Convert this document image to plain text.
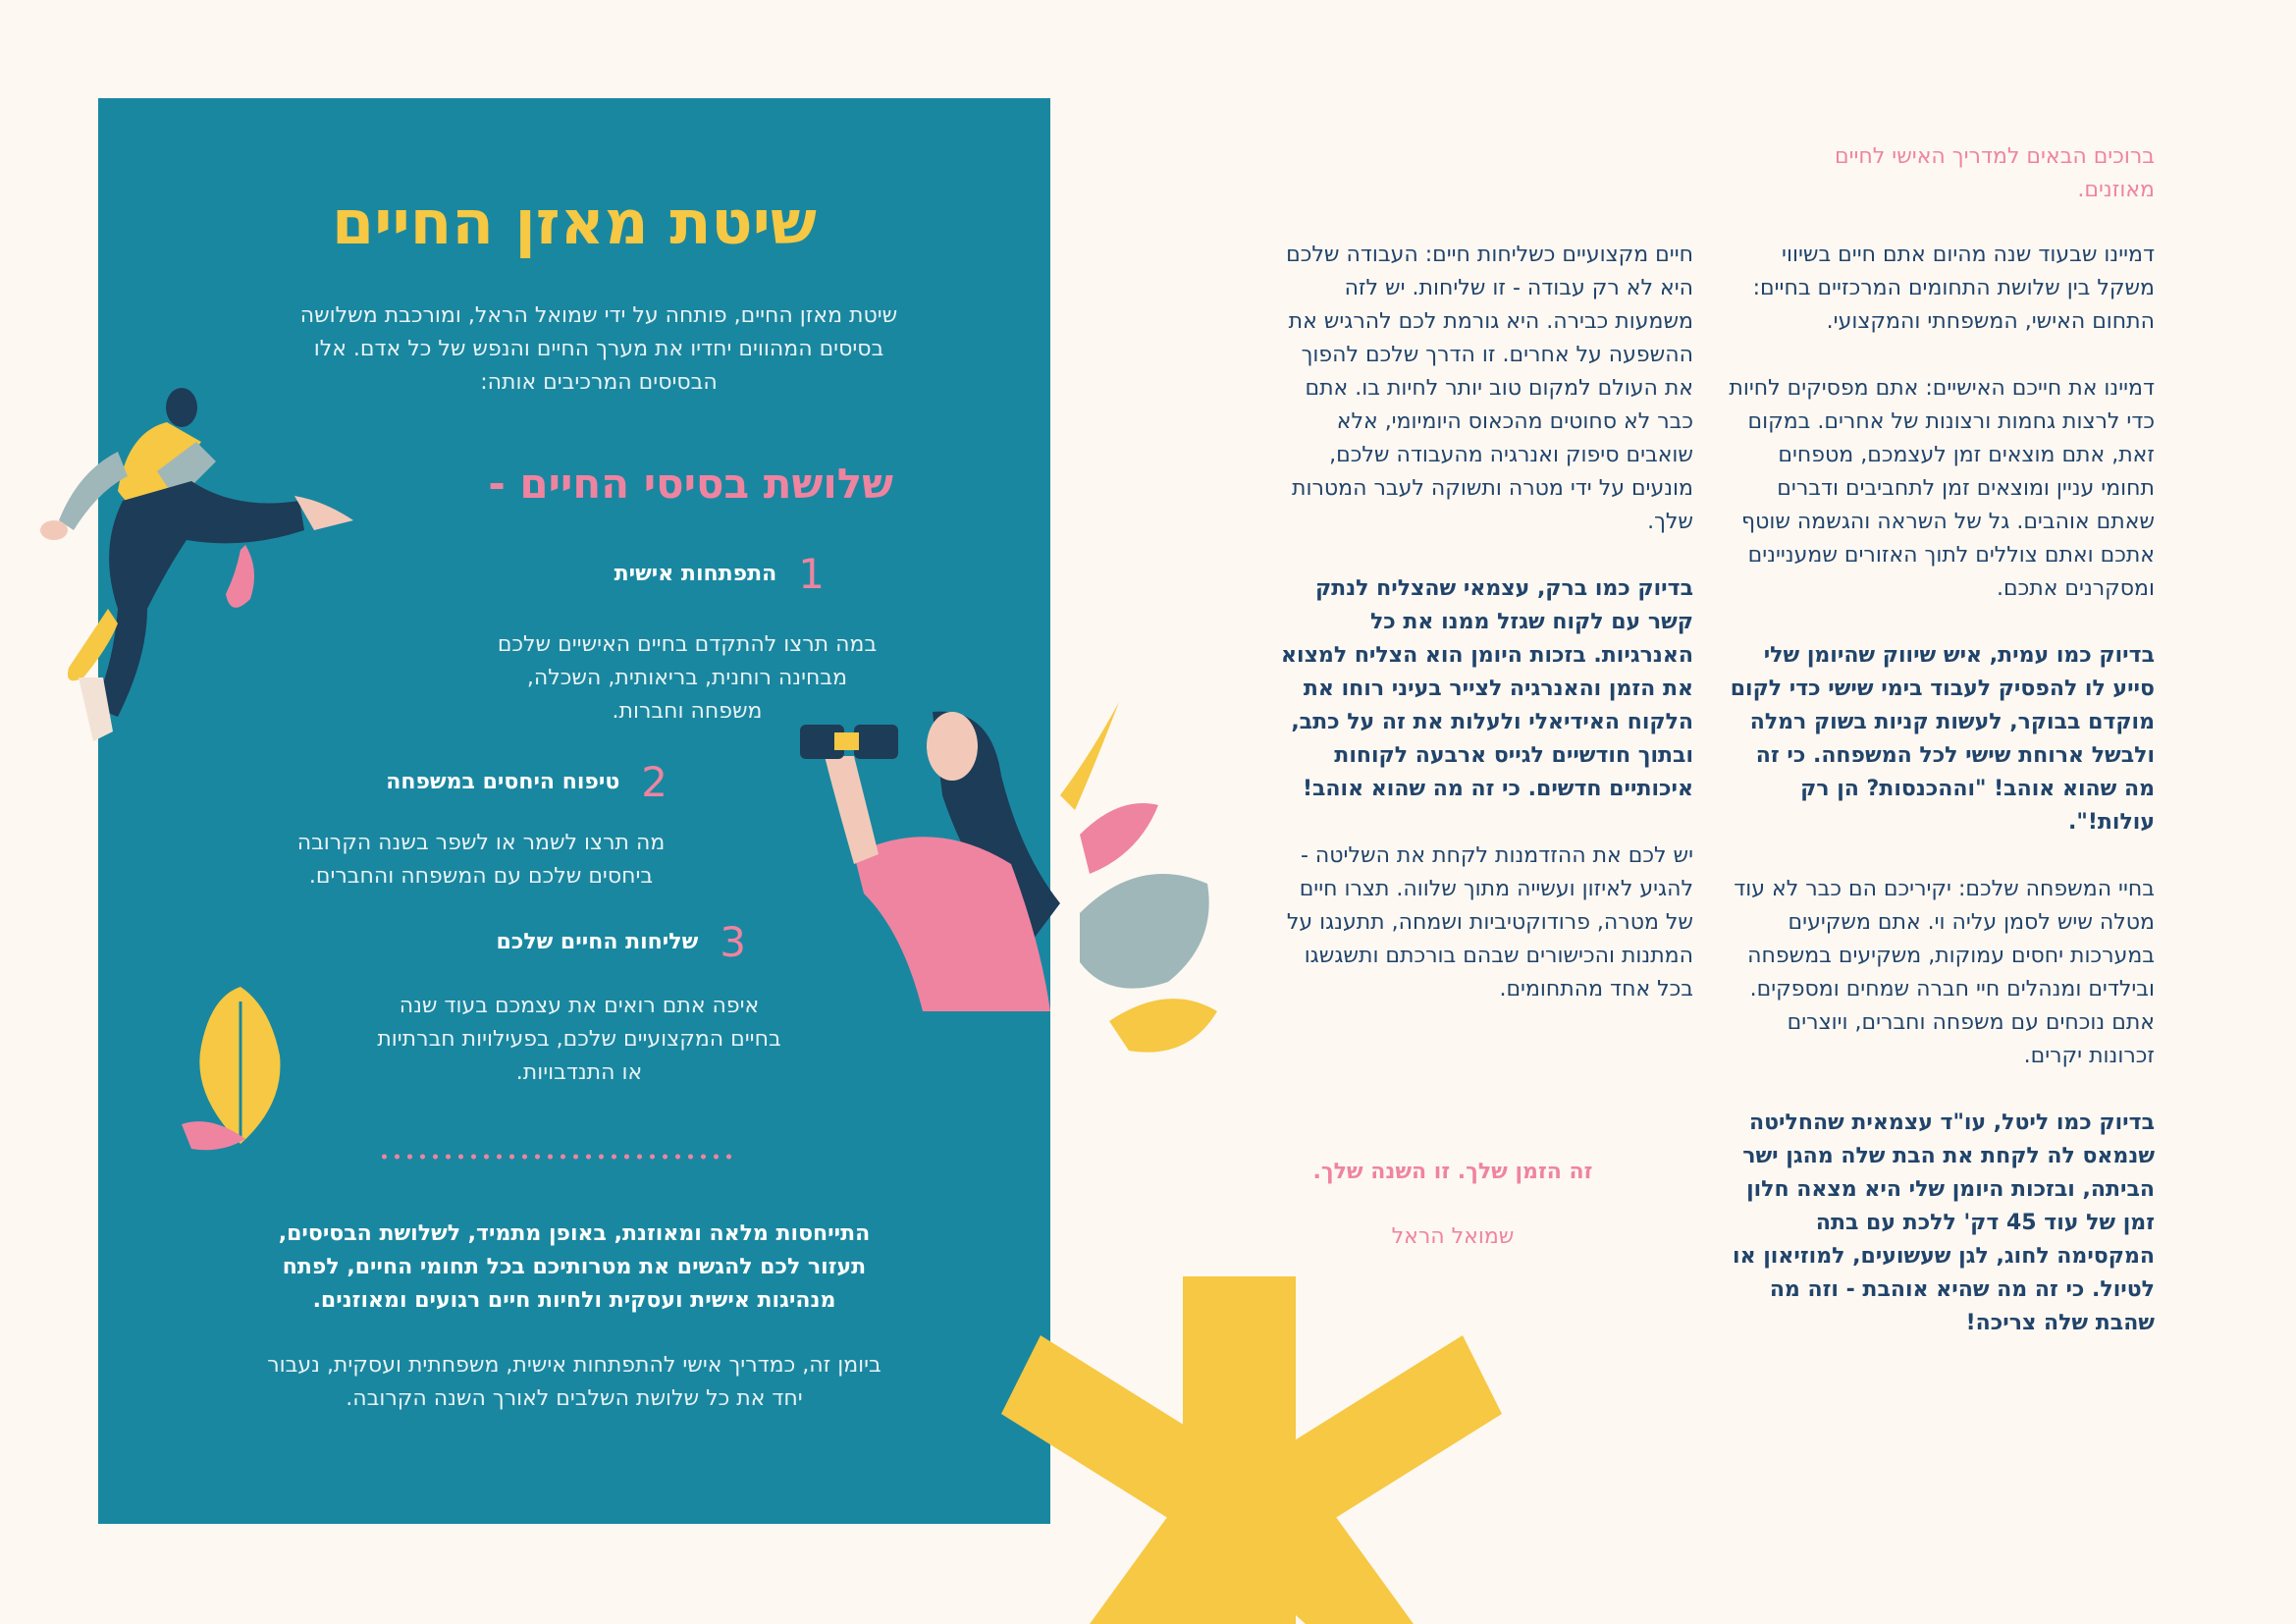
שיטת מאזן החיים

שיטת מאזן החיים, פותחה על ידי שמואל הראל, ומורכבת משלושה בסיסים המהווים יחדיו את מערך החיים והנפש של כל אדם. אלו הבסיסים המרכיבים אותה:

שלושת בסיסי החיים -
1
התפתחות אישית

במה תרצו להתקדם בחיים האישיים שלכם מבחינה רוחנית, בריאותית, השכלה, משפחה וחברות.

2
טיפוח היחסים במשפחה

מה תרצו לשמר או לשפר בשנה הקרובה ביחסים שלכם עם המשפחה והחברים.

3
שליחות החיים שלכם

איפה אתם רואים את עצמכם בעוד שנה בחיים המקצועיים שלכם, בפעילויות חברתיות או התנדבויות.

התייחסות מלאה ומאוזנת, באופן מתמיד, לשלושת הבסיסים, תעזור לכם להגשים את מטרותיכם בכל תחומי החיים, לפתח מנהיגות אישית ועסקית ולחיות חיים רגועים ומאוזנים.

ביומן זה, כמדריך אישי להתפתחות אישית, משפחתית ועסקית, נעבור יחד את כל שלושת השלבים לאורך השנה הקרובה.

ברוכים הבאים למדריך האישי לחיים מאוזנים.

דמיינו שבעוד שנה מהיום אתם חיים בשיווי משקל בין שלושת התחומים המרכזיים בחיים: התחום האישי, המשפחתי והמקצועי.

דמיינו את חייכם האישיים: אתם מפסיקים לחיות כדי לרצות גחמות ורצונות של אחרים. במקום זאת, אתם מוצאים זמן לעצמכם, מטפחים תחומי עניין ומוצאים זמן לתחביבים ודברים שאתם אוהבים. גל של השראה והגשמה שוטף אתכם ואתם צוללים לתוך האזורים שמעניינים ומסקרנים אתכם.

בדיוק כמו עמית, איש שיווק שהיומן שלי סייע לו להפסיק לעבוד בימי שישי כדי לקום מוקדם בבוקר, לעשות קניות בשוק רמלה ולבשל ארוחת שישי לכל המשפחה. כי זה מה שהוא אוהב! "וההכנסות? הן רק עולות!".

בחיי המשפחה שלכם: יקיריכם הם כבר לא עוד מטלה שיש לסמן עליה וי. אתם משקיעים במערכות יחסים עמוקות, משקיעים במשפחה ובילדים ומנהלים חיי חברה שמחים ומספקים. אתם נוכחים עם משפחה וחברים, ויוצרים זכרונות יקרים.

בדיוק כמו ליטל, עו"ד עצמאית שהחליטה שנמאס לה לקחת את הבת שלה מהגן ישר הביתה, ובזכות היומן שלי היא מצאה חלון זמן של עוד 45 דק' ללכת עם בתה המקסימה לחוג, לגן שעשועים, למוזיאון או לטיול. כי זה מה שהיא אוהבת - וזה מה שהבת שלה צריכה!

חיים מקצועיים כשליחות חיים: העבודה שלכם היא לא רק עבודה - זו שליחות. יש לזה משמעות כבירה. היא גורמת לכם להרגיש את ההשפעה על אחרים. זו הדרך שלכם להפוך את העולם למקום טוב יותר לחיות בו. אתם כבר לא סחוטים מהכאוס היומיומי, אלא שואבים סיפוק ואנרגיה מהעבודה שלכם, מונעים על ידי מטרה ותשוקה לעבר המטרות שלך.

בדיוק כמו ברק, עצמאי שהצליח לנתק קשר עם לקוח שגזל ממנו את כל האנרגיות. בזכות היומן הוא הצליח למצוא את הזמן והאנרגיה לצייר בעיני רוחו את הלקוח האידיאלי ולעלות את זה על כתב, ובתוך חודשיים לגייס ארבעה לקוחות איכותיים חדשים. כי זה מה שהוא אוהב!

יש לכם את ההזדמנות לקחת את השליטה - להגיע לאיזון ועשייה מתוך שלווה. תצרו חיים של מטרה, פרודוקטיביות ושמחה, תתענגו על המתנות והכישורים שבהם בורכתם ותשגשגו בכל אחד מהתחומים.

זה הזמן שלך. זו השנה שלך.

שמואל הראל
